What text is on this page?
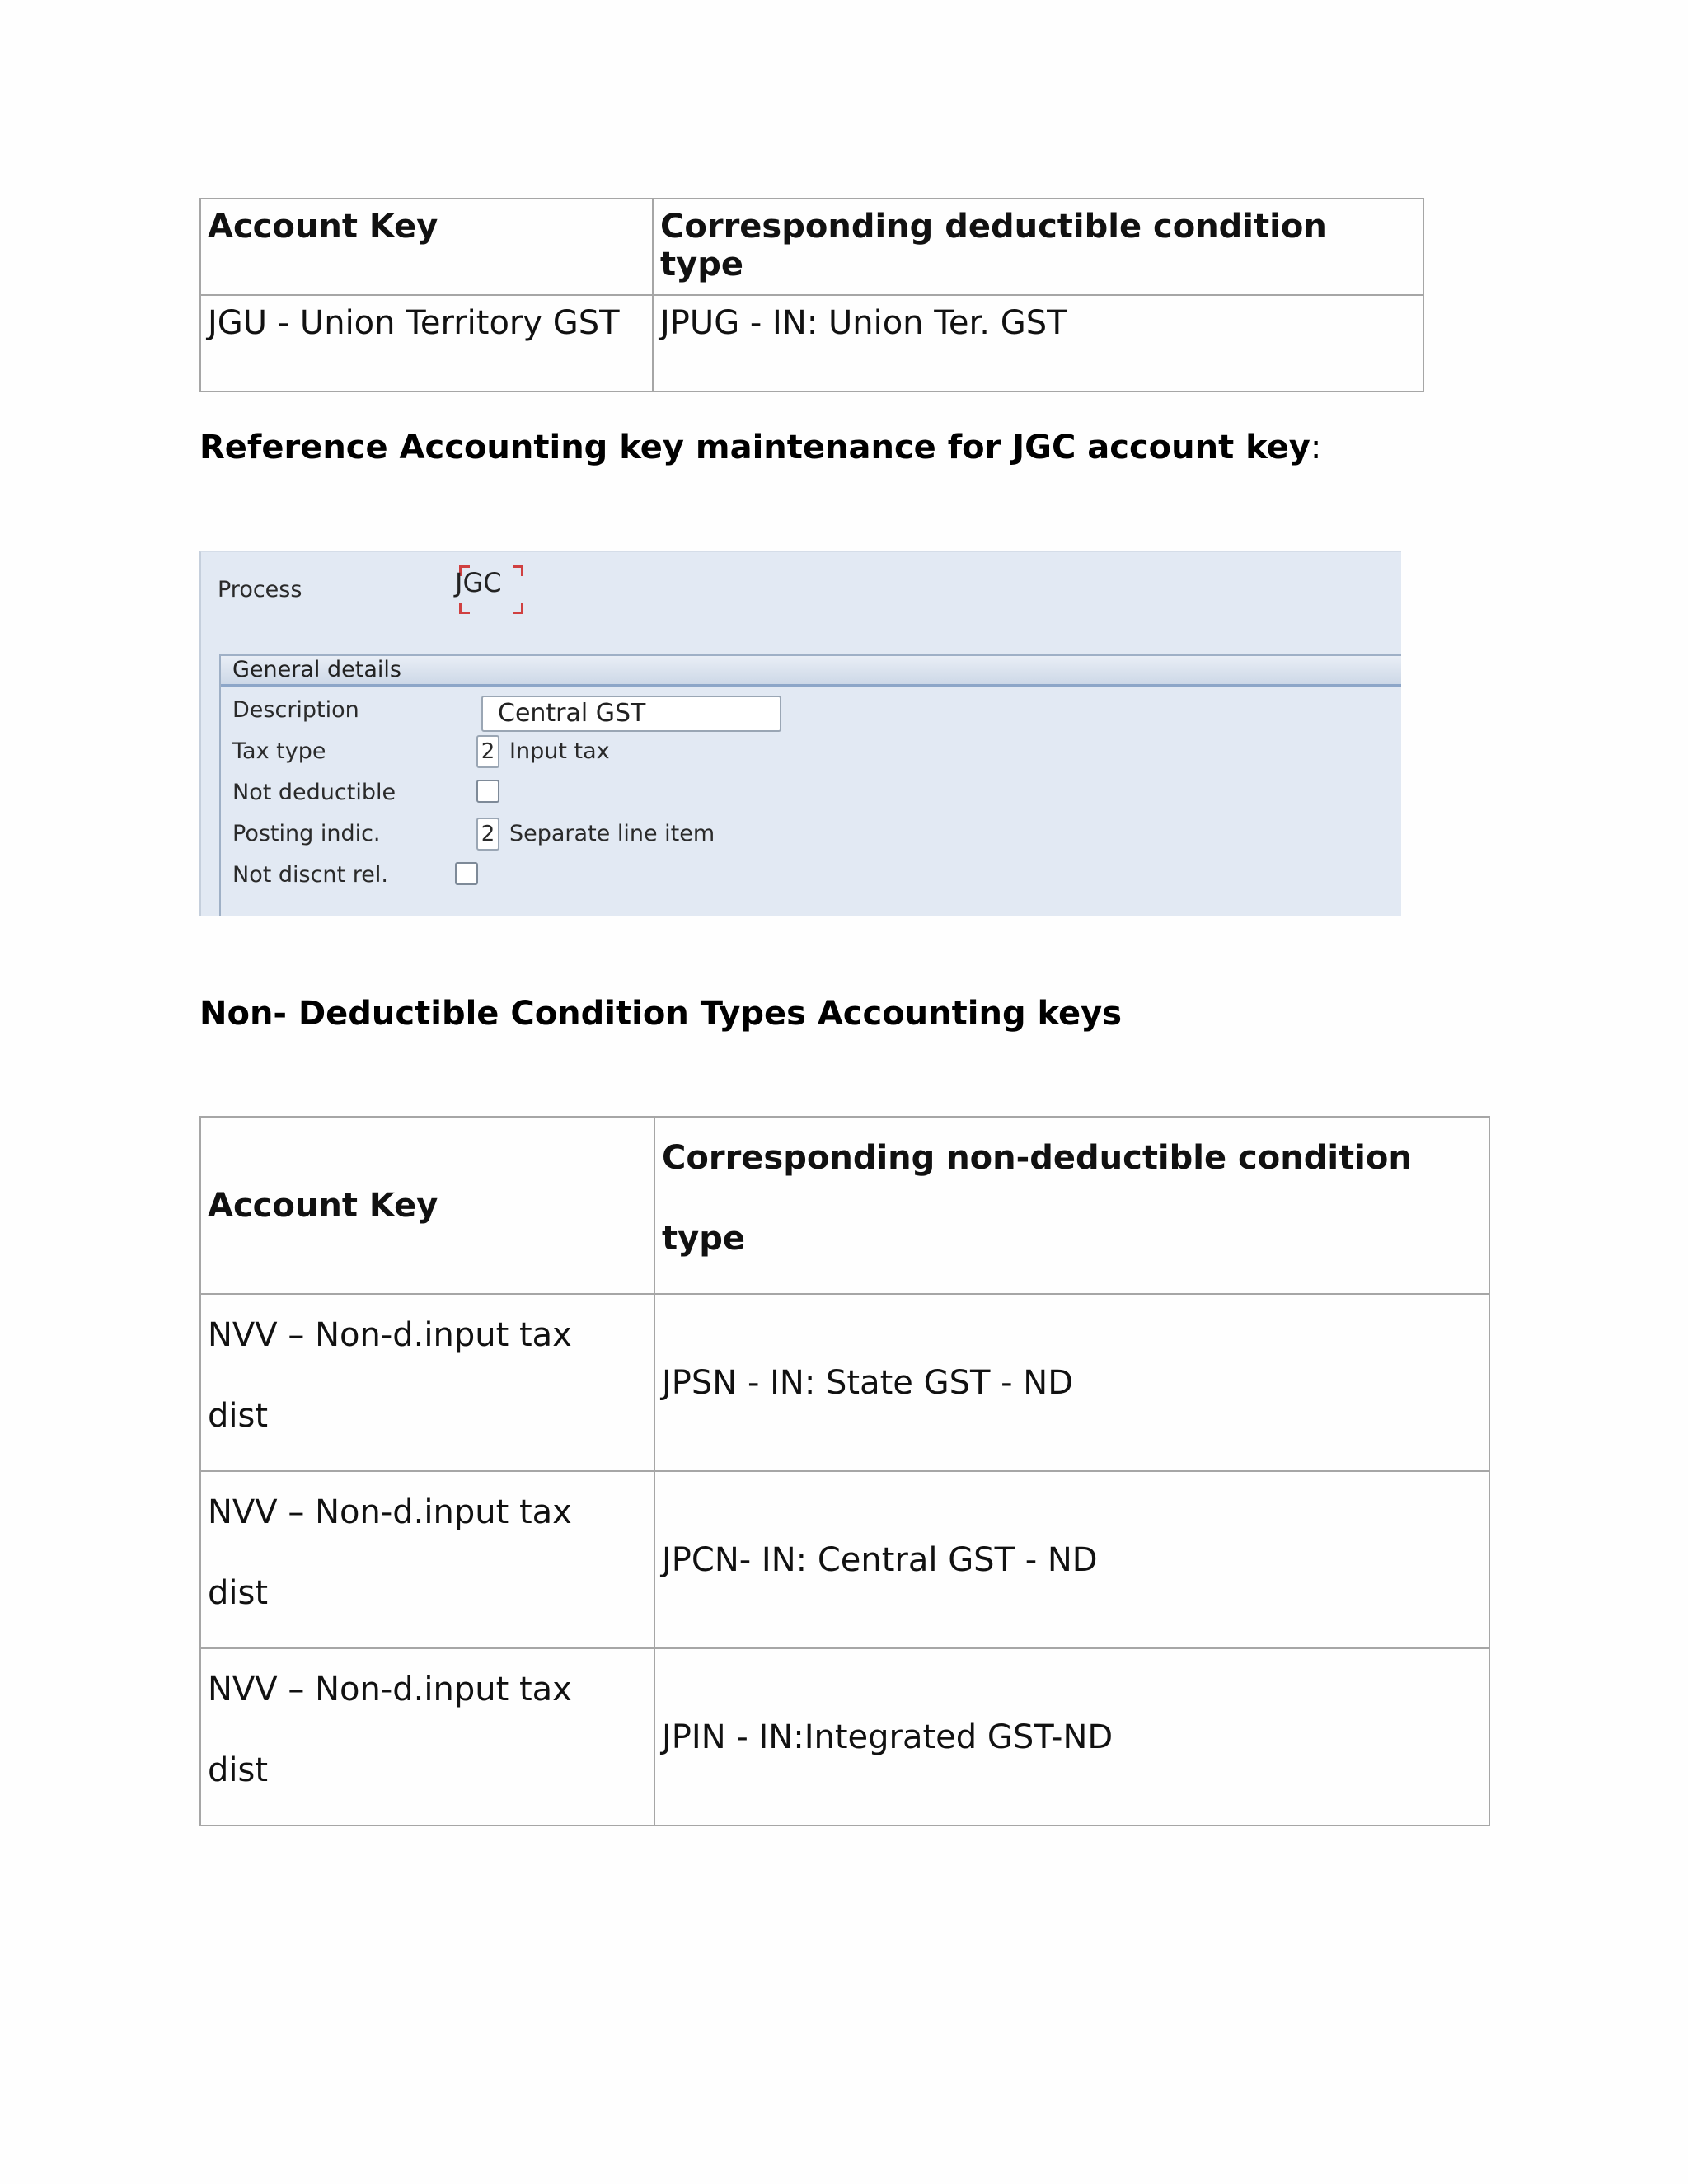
Account Key	Corresponding deductible condition type
JGU - Union Territory GST	JPUG - IN: Union Ter. GST

Reference Accounting key maintenance for JGC account key:

Process	JGC
General details
Description	Central GST
Tax type	2 Input tax
Not deductible
Posting indic.	2 Separate line item
Not discnt rel.

Non- Deductible Condition Types Accounting keys

Account Key	Corresponding non-deductible condition
type

NVV – Non-d.input tax
dist	JPSN - IN: State GST - ND

NVV – Non-d.input tax
dist	JPCN- IN: Central GST - ND

NVV – Non-d.input tax
dist	JPIN - IN:Integrated GST-ND
